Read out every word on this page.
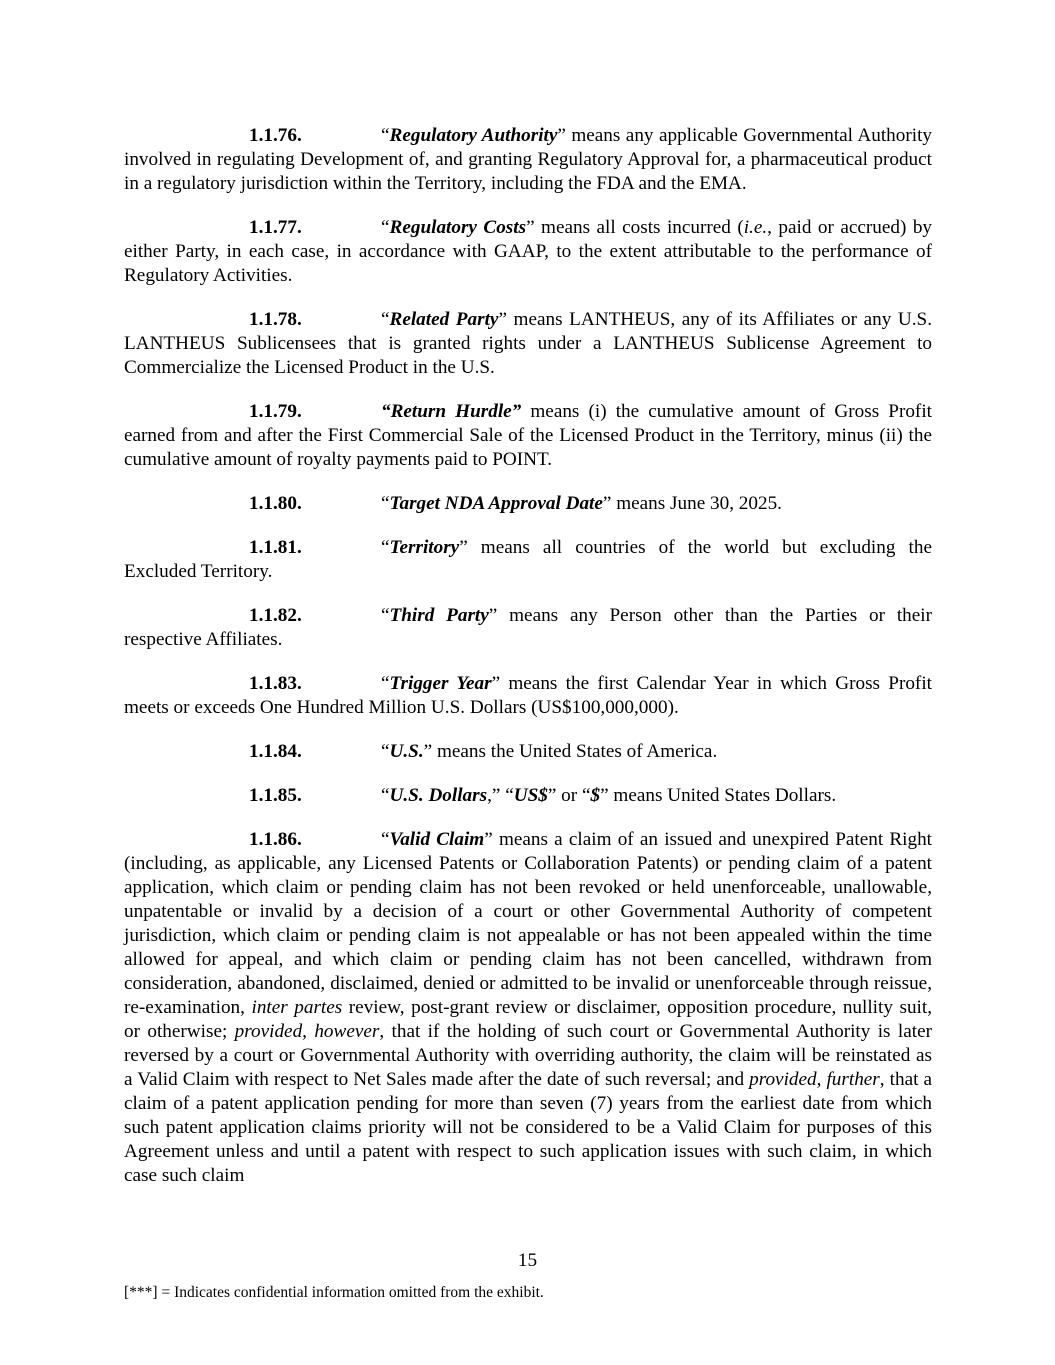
1.1.76.	“Regulatory Authority” means any applicable Governmental Authority involved in regulating Development of, and granting Regulatory Approval for, a pharmaceutical product in a regulatory jurisdiction within the Territory, including the FDA and the EMA.

1.1.77.	“Regulatory Costs” means all costs incurred (i.e., paid or accrued) by either Party, in each case, in accordance with GAAP, to the extent attributable to the performance of Regulatory Activities.

1.1.78.	“Related Party” means LANTHEUS, any of its Affiliates or any U.S. LANTHEUS Sublicensees that is granted rights under a LANTHEUS Sublicense Agreement to Commercialize the Licensed Product in the U.S.

1.1.79.	“Return Hurdle” means (i) the cumulative amount of Gross Profit earned from and after the First Commercial Sale of the Licensed Product in the Territory, minus (ii) the cumulative amount of royalty payments paid to POINT.

1.1.80.	“Target NDA Approval Date” means June 30, 2025.

1.1.81.	“Territory” means all countries of the world but excluding the Excluded Territory.

1.1.82.	“Third Party” means any Person other than the Parties or their respective Affiliates.

1.1.83.	“Trigger Year” means the first Calendar Year in which Gross Profit meets or exceeds One Hundred Million U.S. Dollars (US$100,000,000).

1.1.84.	“U.S.” means the United States of America.

1.1.85.	“U.S. Dollars,” “US$” or “$” means United States Dollars.

1.1.86.	“Valid Claim” means a claim of an issued and unexpired Patent Right (including, as applicable, any Licensed Patents or Collaboration Patents) or pending claim of a patent application, which claim or pending claim has not been revoked or held unenforceable, unallowable, unpatentable or invalid by a decision of a court or other Governmental Authority of competent jurisdiction, which claim or pending claim is not appealable or has not been appealed within the time allowed for appeal, and which claim or pending claim has not been cancelled, withdrawn from consideration, abandoned, disclaimed, denied or admitted to be invalid or unenforceable through reissue, re-examination, inter partes review, post-grant review or disclaimer, opposition procedure, nullity suit, or otherwise; provided, however, that if the holding of such court or Governmental Authority is later reversed by a court or Governmental Authority with overriding authority, the claim will be reinstated as a Valid Claim with respect to Net Sales made after the date of such reversal; and provided, further, that a claim of a patent application pending for more than seven (7) years from the earliest date from which such patent application claims priority will not be considered to be a Valid Claim for purposes of this Agreement unless and until a patent with respect to such application issues with such claim, in which case such claim

15
[***] = Indicates confidential information omitted from the exhibit.
